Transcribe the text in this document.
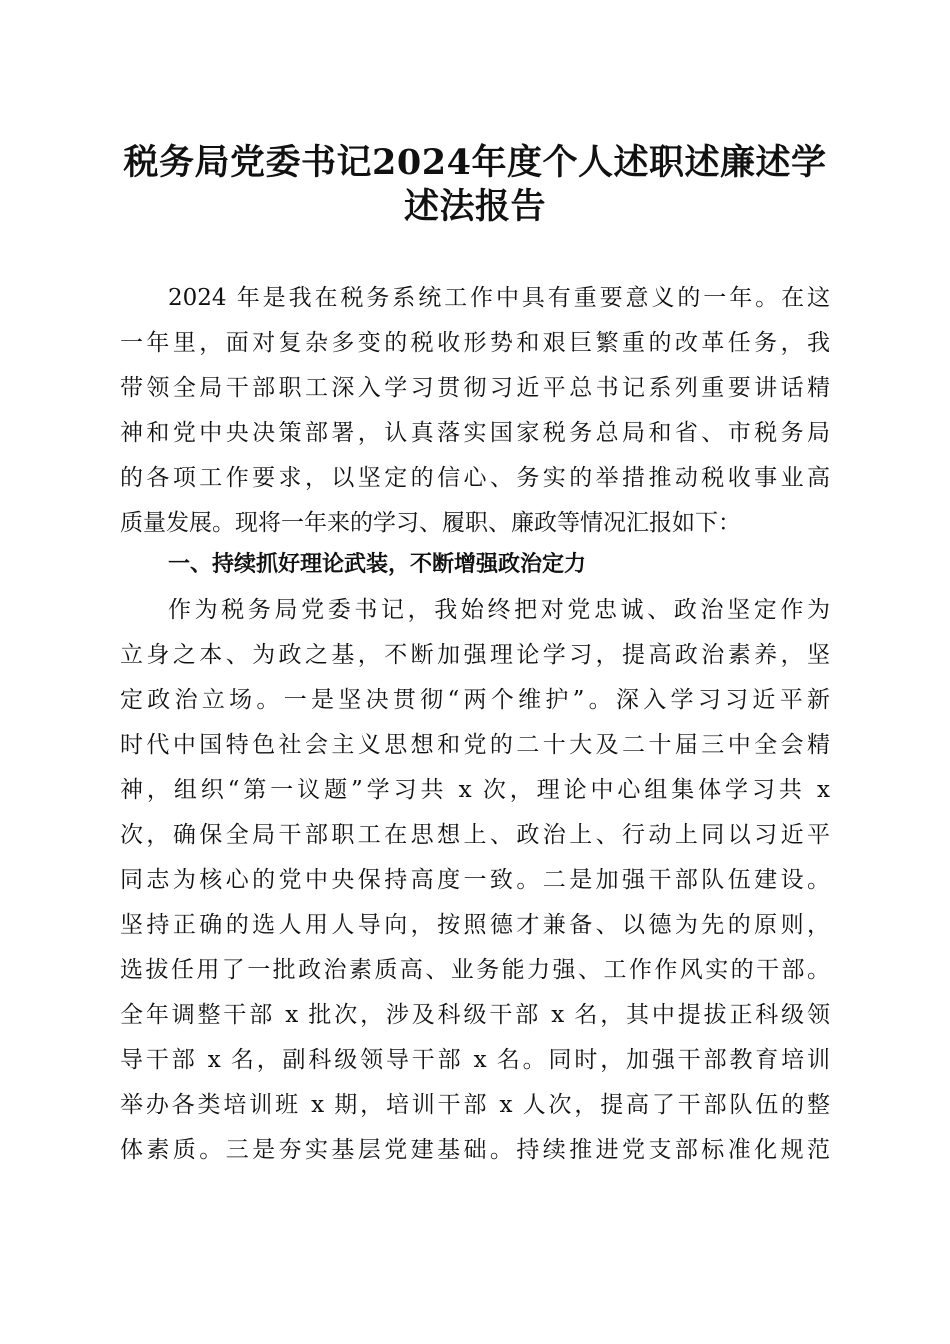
税务局党委书记2024年度个人述职述廉述学
述法报告

2024 年是我在税务系统工作中具有重要意义的一年。在这

一年里，面对复杂多变的税收形势和艰巨繁重的改革任务，我

带领全局干部职工深入学习贯彻习近平总书记系列重要讲话精

神和党中央决策部署，认真落实国家税务总局和省、市税务局

的各项工作要求，以坚定的信心、务实的举措推动税收事业高

质量发展。现将一年来的学习、履职、廉政等情况汇报如下：

一、持续抓好理论武装，不断增强政治定力

作为税务局党委书记，我始终把对党忠诚、政治坚定作为

立身之本、为政之基，不断加强理论学习，提高政治素养，坚

定政治立场。一是坚决贯彻“两个维护”。深入学习习近平新

时代中国特色社会主义思想和党的二十大及二十届三中全会精

神，组织“第一议题”学习共 x 次，理论中心组集体学习共 x

次，确保全局干部职工在思想上、政治上、行动上同以习近平

同志为核心的党中央保持高度一致。二是加强干部队伍建设。

坚持正确的选人用人导向，按照德才兼备、以德为先的原则，

选拔任用了一批政治素质高、业务能力强、工作作风实的干部。

全年调整干部 x 批次，涉及科级干部 x 名，其中提拔正科级领

导干部 x 名，副科级领导干部 x 名。同时，加强干部教育培训

举办各类培训班 x 期，培训干部 x 人次，提高了干部队伍的整

体素质。三是夯实基层党建基础。持续推进党支部标准化规范
